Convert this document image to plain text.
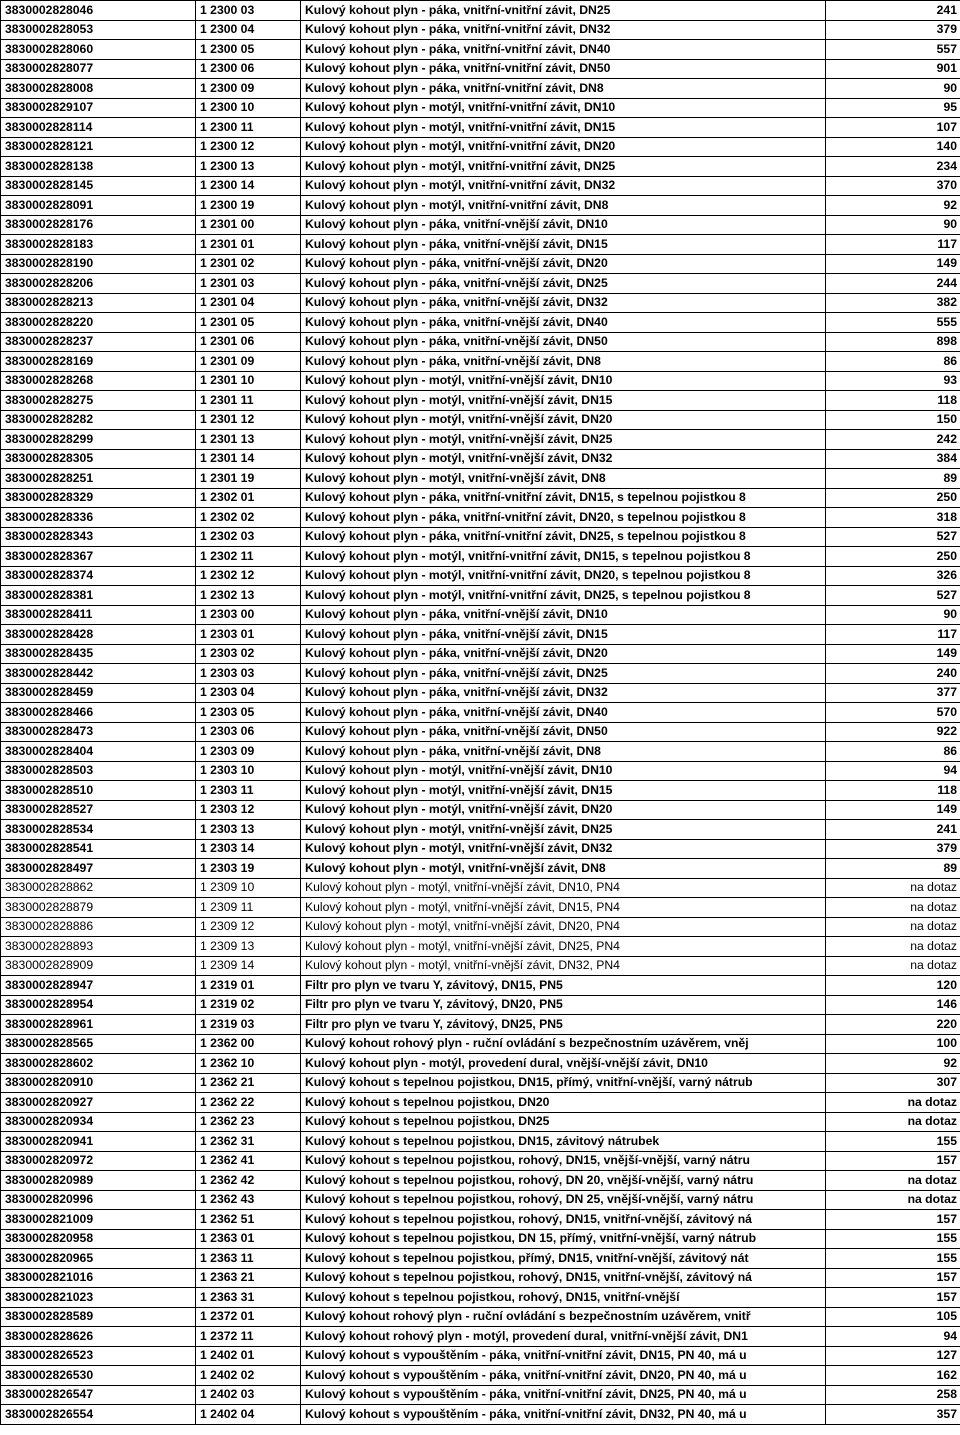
3830002828046	1 2300 03	Kulový kohout plyn - páka, vnitřní-vnitřní závit, DN25	241
3830002828053	1 2300 04	Kulový kohout plyn - páka, vnitřní-vnitřní závit, DN32	379
3830002828060	1 2300 05	Kulový kohout plyn - páka, vnitřní-vnitřní závit, DN40	557
3830002828077	1 2300 06	Kulový kohout plyn - páka, vnitřní-vnitřní závit, DN50	901
3830002828008	1 2300 09	Kulový kohout plyn - páka, vnitřní-vnitřní závit, DN8	90
3830002829107	1 2300 10	Kulový kohout plyn - motýl, vnitřní-vnitřní závit, DN10	95
3830002828114	1 2300 11	Kulový kohout plyn - motýl, vnitřní-vnitřní závit, DN15	107
3830002828121	1 2300 12	Kulový kohout plyn - motýl, vnitřní-vnitřní závit, DN20	140
3830002828138	1 2300 13	Kulový kohout plyn - motýl, vnitřní-vnitřní závit, DN25	234
3830002828145	1 2300 14	Kulový kohout plyn - motýl, vnitřní-vnitřní závit, DN32	370
3830002828091	1 2300 19	Kulový kohout plyn - motýl, vnitřní-vnitřní závit, DN8	92
3830002828176	1 2301 00	Kulový kohout plyn - páka, vnitřní-vnější závit, DN10	90
3830002828183	1 2301 01	Kulový kohout plyn - páka, vnitřní-vnější závit, DN15	117
3830002828190	1 2301 02	Kulový kohout plyn - páka, vnitřní-vnější závit, DN20	149
3830002828206	1 2301 03	Kulový kohout plyn - páka, vnitřní-vnější závit, DN25	244
3830002828213	1 2301 04	Kulový kohout plyn - páka, vnitřní-vnější závit, DN32	382
3830002828220	1 2301 05	Kulový kohout plyn - páka, vnitřní-vnější závit, DN40	555
3830002828237	1 2301 06	Kulový kohout plyn - páka, vnitřní-vnější závit, DN50	898
3830002828169	1 2301 09	Kulový kohout plyn - páka, vnitřní-vnější závit, DN8	86
3830002828268	1 2301 10	Kulový kohout plyn - motýl, vnitřní-vnější závit, DN10	93
3830002828275	1 2301 11	Kulový kohout plyn - motýl, vnitřní-vnější závit, DN15	118
3830002828282	1 2301 12	Kulový kohout plyn - motýl, vnitřní-vnější závit, DN20	150
3830002828299	1 2301 13	Kulový kohout plyn - motýl, vnitřní-vnější závit, DN25	242
3830002828305	1 2301 14	Kulový kohout plyn - motýl, vnitřní-vnější závit, DN32	384
3830002828251	1 2301 19	Kulový kohout plyn - motýl, vnitřní-vnější závit, DN8	89
3830002828329	1 2302 01	Kulový kohout plyn - páka, vnitřní-vnitřní závit, DN15, s tepelnou pojistkou 8	250
3830002828336	1 2302 02	Kulový kohout plyn - páka, vnitřní-vnitřní závit, DN20, s tepelnou pojistkou 8	318
3830002828343	1 2302 03	Kulový kohout plyn - páka, vnitřní-vnitřní závit, DN25, s tepelnou pojistkou 8	527
3830002828367	1 2302 11	Kulový kohout plyn - motýl, vnitřní-vnitřní závit, DN15, s tepelnou pojistkou 8	250
3830002828374	1 2302 12	Kulový kohout plyn - motýl, vnitřní-vnitřní závit, DN20, s tepelnou pojistkou 8	326
3830002828381	1 2302 13	Kulový kohout plyn - motýl, vnitřní-vnitřní závit, DN25, s tepelnou pojistkou 8	527
3830002828411	1 2303 00	Kulový kohout plyn - páka, vnitřní-vnější závit, DN10	90
3830002828428	1 2303 01	Kulový kohout plyn - páka, vnitřní-vnější závit, DN15	117
3830002828435	1 2303 02	Kulový kohout plyn - páka, vnitřní-vnější závit, DN20	149
3830002828442	1 2303 03	Kulový kohout plyn - páka, vnitřní-vnější závit, DN25	240
3830002828459	1 2303 04	Kulový kohout plyn - páka, vnitřní-vnější závit, DN32	377
3830002828466	1 2303 05	Kulový kohout plyn - páka, vnitřní-vnější závit, DN40	570
3830002828473	1 2303 06	Kulový kohout plyn - páka, vnitřní-vnější závit, DN50	922
3830002828404	1 2303 09	Kulový kohout plyn - páka, vnitřní-vnější závit, DN8	86
3830002828503	1 2303 10	Kulový kohout plyn - motýl, vnitřní-vnější závit, DN10	94
3830002828510	1 2303 11	Kulový kohout plyn - motýl, vnitřní-vnější závit, DN15	118
3830002828527	1 2303 12	Kulový kohout plyn - motýl, vnitřní-vnější závit, DN20	149
3830002828534	1 2303 13	Kulový kohout plyn - motýl, vnitřní-vnější závit, DN25	241
3830002828541	1 2303 14	Kulový kohout plyn - motýl, vnitřní-vnější závit, DN32	379
3830002828497	1 2303 19	Kulový kohout plyn - motýl, vnitřní-vnější závit, DN8	89
3830002828862	1 2309 10	Kulový kohout plyn - motýl, vnitřní-vnější závit, DN10, PN4	na dotaz
3830002828879	1 2309 11	Kulový kohout plyn - motýl, vnitřní-vnější závit, DN15, PN4	na dotaz
3830002828886	1 2309 12	Kulový kohout plyn - motýl, vnitřní-vnější závit, DN20, PN4	na dotaz
3830002828893	1 2309 13	Kulový kohout plyn - motýl, vnitřní-vnější závit, DN25, PN4	na dotaz
3830002828909	1 2309 14	Kulový kohout plyn - motýl, vnitřní-vnější závit, DN32, PN4	na dotaz
3830002828947	1 2319 01	Filtr pro plyn ve tvaru Y, závitový, DN15, PN5	120
3830002828954	1 2319 02	Filtr pro plyn ve tvaru Y, závitový, DN20, PN5	146
3830002828961	1 2319 03	Filtr pro plyn ve tvaru Y, závitový, DN25, PN5	220
3830002828565	1 2362 00	Kulový kohout rohový plyn - ruční ovládání s bezpečnostním uzávěrem, vněj	100
3830002828602	1 2362 10	Kulový kohout plyn - motýl, provedení dural, vnější-vnější závit, DN10	92
3830002820910	1 2362 21	Kulový kohout s tepelnou pojistkou, DN15, přímý, vnitřní-vnější, varný nátrub	307
3830002820927	1 2362 22	Kulový kohout s tepelnou pojistkou, DN20	na dotaz
3830002820934	1 2362 23	Kulový kohout s tepelnou pojistkou, DN25	na dotaz
3830002820941	1 2362 31	Kulový kohout s tepelnou pojistkou, DN15, závitový nátrubek	155
3830002820972	1 2362 41	Kulový kohout s tepelnou pojistkou, rohový, DN15, vnější-vnější, varný nátru	157
3830002820989	1 2362 42	Kulový kohout s tepelnou pojistkou, rohový, DN 20, vnější-vnější, varný nátru	na dotaz
3830002820996	1 2362 43	Kulový kohout s tepelnou pojistkou, rohový, DN 25, vnější-vnější, varný nátru	na dotaz
3830002821009	1 2362 51	Kulový kohout s tepelnou pojistkou, rohový, DN15, vnitřní-vnější, závitový ná	157
3830002820958	1 2363 01	Kulový kohout s tepelnou pojistkou, DN 15, přímý, vnitřní-vnější, varný nátrub	155
3830002820965	1 2363 11	Kulový kohout s tepelnou pojistkou, přímý, DN15, vnitřní-vnější, závitový nát	155
3830002821016	1 2363 21	Kulový kohout s tepelnou pojistkou, rohový, DN15, vnitřní-vnější, závitový ná	157
3830002821023	1 2363 31	Kulový kohout s tepelnou pojistkou, rohový, DN15, vnitřní-vnější	157
3830002828589	1 2372 01	Kulový kohout rohový plyn - ruční ovládání s bezpečnostním uzávěrem, vnitř	105
3830002828626	1 2372 11	Kulový kohout rohový plyn - motýl, provedení dural, vnitřní-vnější závit, DN1	94
3830002826523	1 2402 01	Kulový kohout s vypouštěním - páka, vnitřní-vnitřní závit, DN15, PN 40, má u	127
3830002826530	1 2402 02	Kulový kohout s vypouštěním - páka, vnitřní-vnitřní závit, DN20, PN 40, má u	162
3830002826547	1 2402 03	Kulový kohout s vypouštěním - páka, vnitřní-vnitřní závit, DN25, PN 40, má u	258
3830002826554	1 2402 04	Kulový kohout s vypouštěním - páka, vnitřní-vnitřní závit, DN32, PN 40, má u	357
